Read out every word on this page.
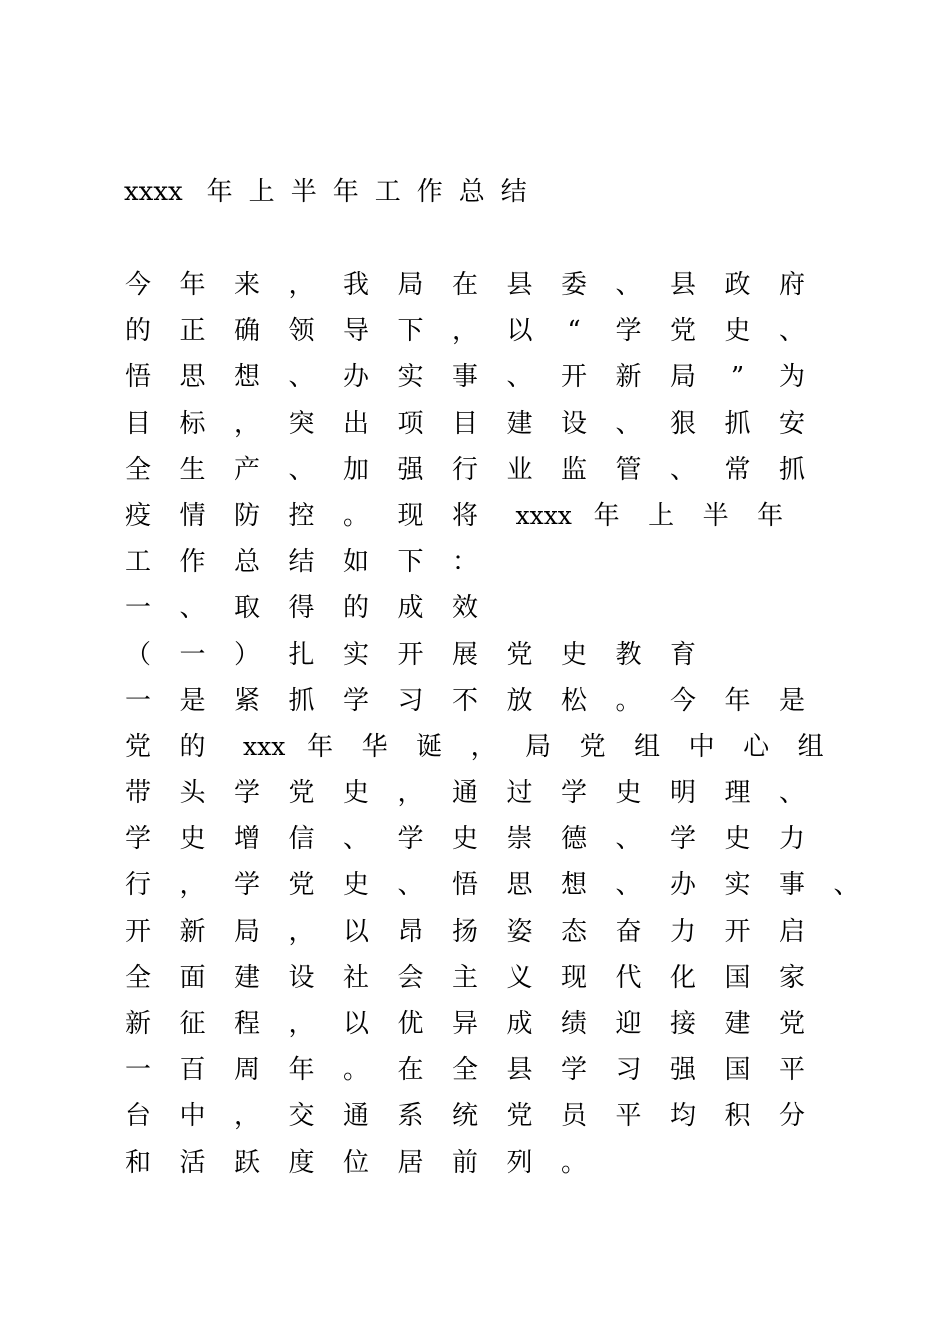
xxxx 年 上 半 年 工 作 总 结
今 年 来 ， 我 局 在 县 委 、 县 政 府
的 正 确 领 导 下 ， 以	“	学 党 史 、
悟 思 想 、 办 实 事 、 开 新 局	”	为
目 标 ， 突 出 项 目 建 设 、 狠 抓 安
全 生 产 、 加 强 行 业 监 管 、 常 抓
疫 情 防 控 。 现 将 xxxx 年 上 半 年
工 作 总 结 如 下 ：
一 、 取 得 的 成 效
（ 一 ） 扎 实 开 展 党 史 教 育
一 是 紧 抓 学 习 不 放 松 。 今 年 是
党 的 xxx 年 华 诞 ， 局 党 组 中 心 组
带 头 学 党 史 ， 通 过 学 史 明 理 、
学 史 增 信 、 学 史 崇 德 、 学 史 力
行 ， 学 党 史 、 悟 思 想 、 办 实 事 、
开 新 局 ， 以 昂 扬 姿 态 奋 力 开 启
全 面 建 设 社 会 主 义 现 代 化 国 家
新 征 程 ， 以 优 异 成 绩 迎 接 建 党
一 百 周 年 。 在 全 县 学 习 强 国 平
台 中 ， 交 通 系 统 党 员 平 均 积 分
和 活 跃 度 位 居 前 列 。
